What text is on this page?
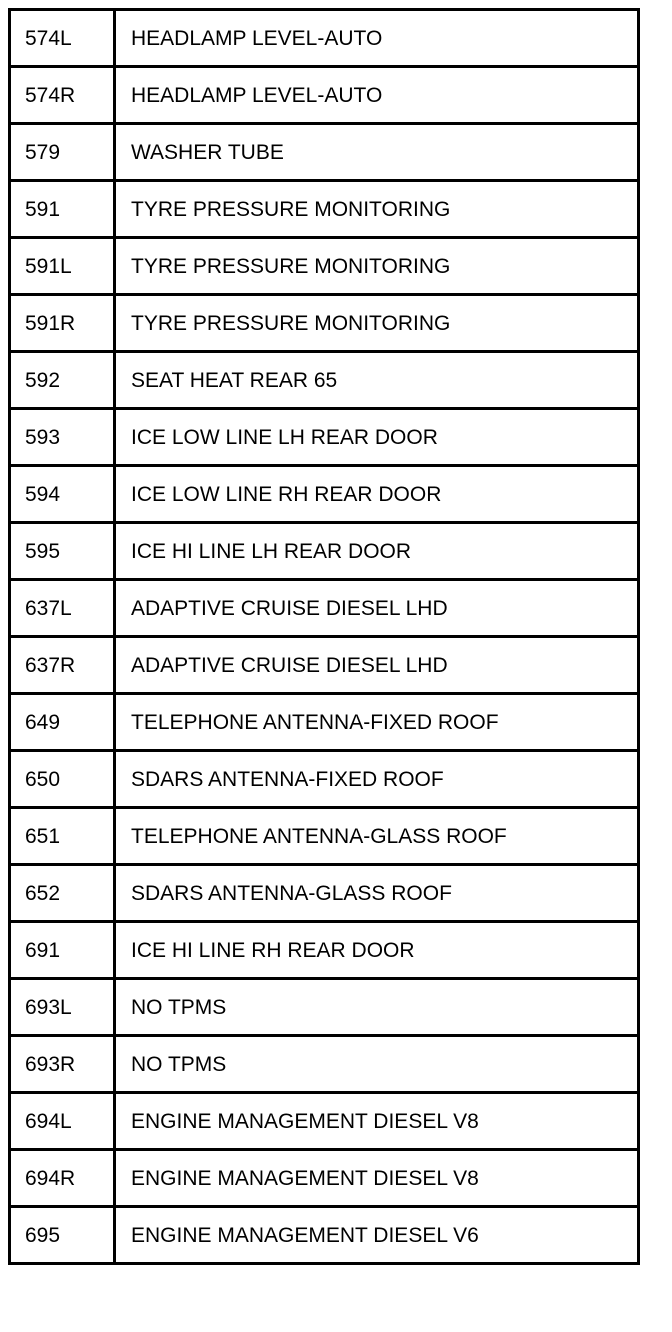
574L	HEADLAMP LEVEL-AUTO
574R	HEADLAMP LEVEL-AUTO
579	WASHER TUBE
591	TYRE PRESSURE MONITORING
591L	TYRE PRESSURE MONITORING
591R	TYRE PRESSURE MONITORING
592	SEAT HEAT REAR 65
593	ICE LOW LINE LH REAR DOOR
594	ICE LOW LINE RH REAR DOOR
595	ICE HI LINE LH REAR DOOR
637L	ADAPTIVE CRUISE DIESEL LHD
637R	ADAPTIVE CRUISE DIESEL LHD
649	TELEPHONE ANTENNA-FIXED ROOF
650	SDARS ANTENNA-FIXED ROOF
651	TELEPHONE ANTENNA-GLASS ROOF
652	SDARS ANTENNA-GLASS ROOF
691	ICE HI LINE RH REAR DOOR
693L	NO TPMS
693R	NO TPMS
694L	ENGINE MANAGEMENT DIESEL V8
694R	ENGINE MANAGEMENT DIESEL V8
695	ENGINE MANAGEMENT DIESEL V6
